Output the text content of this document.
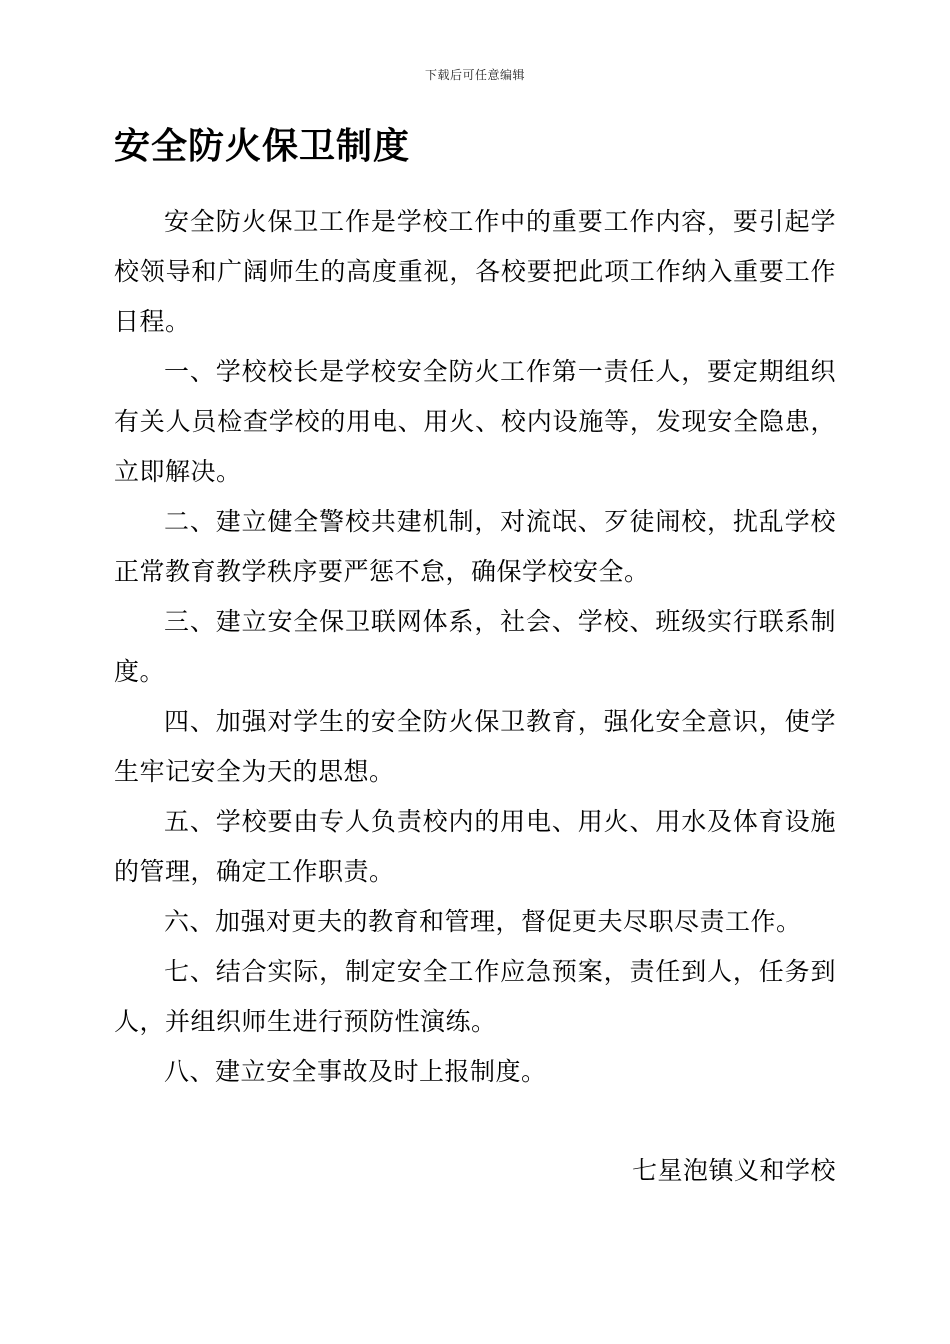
下载后可任意编辑
安全防火保卫制度

安全防火保卫工作是学校工作中的重要工作内容，要引起学校领导和广阔师生的高度重视，各校要把此项工作纳入重要工作日程。

一、学校校长是学校安全防火工作第一责任人，要定期组织有关人员检查学校的用电、用火、校内设施等，发现安全隐患，立即解决。

二、建立健全警校共建机制，对流氓、歹徒闹校，扰乱学校正常教育教学秩序要严惩不怠，确保学校安全。

三、建立安全保卫联网体系，社会、学校、班级实行联系制度。

四、加强对学生的安全防火保卫教育，强化安全意识，使学生牢记安全为天的思想。

五、学校要由专人负责校内的用电、用火、用水及体育设施的管理，确定工作职责。

六、加强对更夫的教育和管理，督促更夫尽职尽责工作。

七、结合实际，制定安全工作应急预案，责任到人，任务到人，并组织师生进行预防性演练。

八、建立安全事故及时上报制度。

七星泡镇义和学校
